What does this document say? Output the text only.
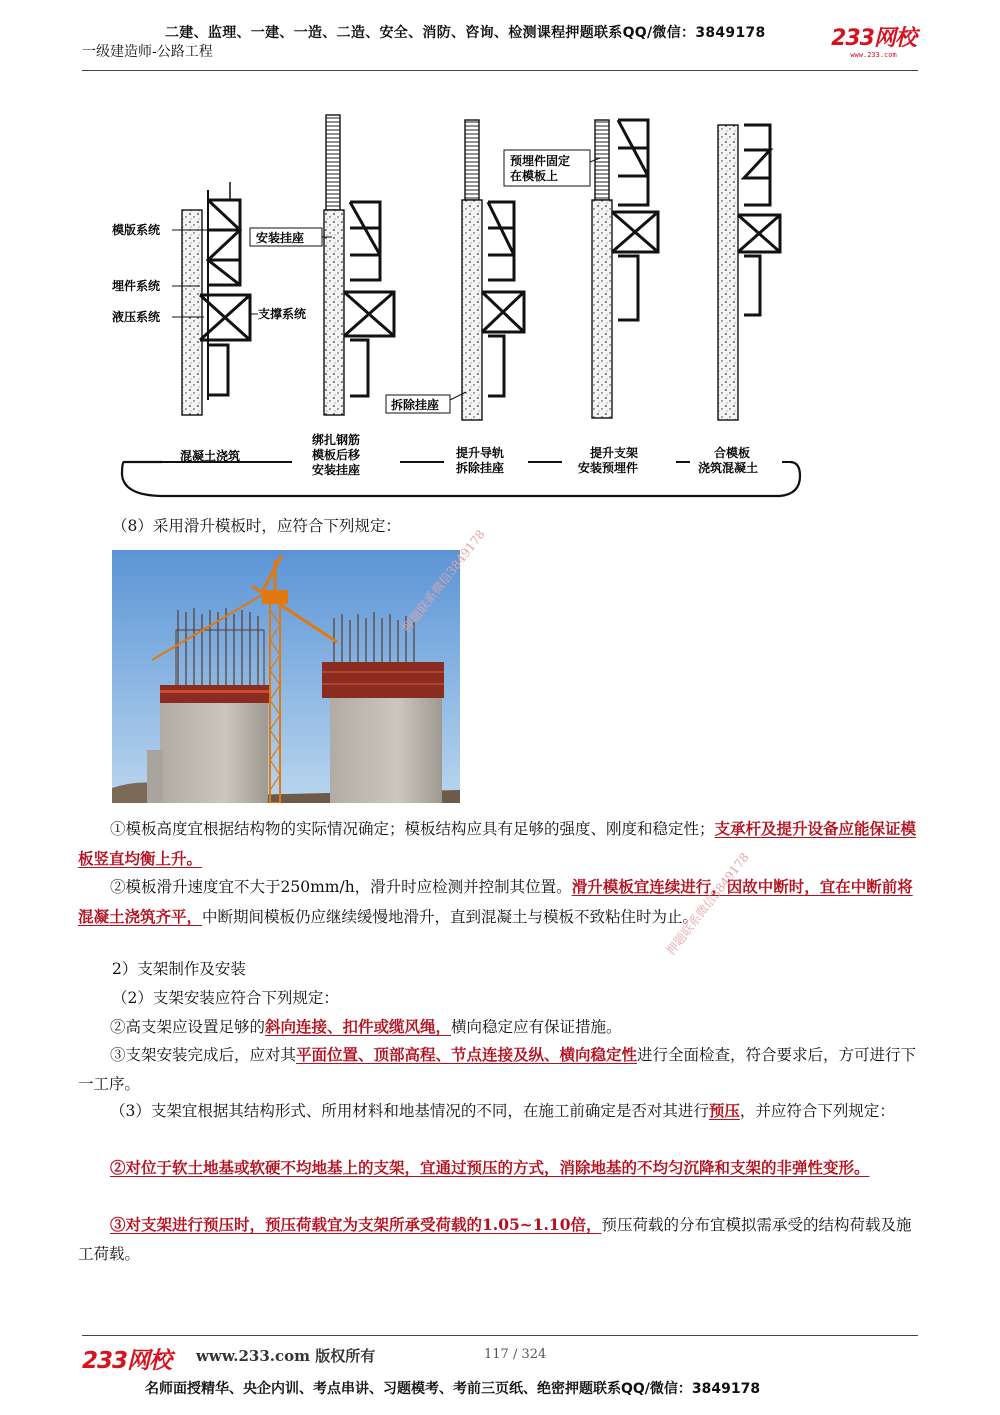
二建、监理、一建、一造、二造、安全、消防、咨询、检测课程押题联系QQ/微信：3849178
一级建造师-公路工程
233网校
www.233.com
模版系统
埋件系统
液压系统	支撑系统
安装挂座
拆除挂座
预埋件固定
在模板上
混凝土浇筑
绑扎钢筋
模板后移
安装挂座
提升导轨
拆除挂座
提升支架
安装预埋件
合模板
浇筑混凝土
（8）采用滑升模板时，应符合下列规定：
①模板高度宜根据结构物的实际情况确定；模板结构应具有足够的强度、刚度和稳定性；支承杆及提升设备应能保证模板竖直均衡上升。
②模板滑升速度宜不大于250mm/h，滑升时应检测并控制其位置。滑升模板宜连续进行，因故中断时，宜在中断前将混凝土浇筑齐平，中断期间模板仍应继续缓慢地滑升，直到混凝土与模板不致粘住时为止。
2）支架制作及安装
（2）支架安装应符合下列规定：
②高支架应设置足够的斜向连接、扣件或缆风绳，横向稳定应有保证措施。
③支架安装完成后，应对其平面位置、顶部高程、节点连接及纵、横向稳定性进行全面检查，符合要求后，方可进行下一工序。
（3）支架宜根据其结构形式、所用材料和地基情况的不同，在施工前确定是否对其进行预压，并应符合下列规定：
②对位于软土地基或软硬不均地基上的支架，宜通过预压的方式，消除地基的不均匀沉降和支架的非弹性变形。
③对支架进行预压时，预压荷载宜为支架所承受荷载的1.05~1.10倍，预压荷载的分布宜模拟需承受的结构荷载及施工荷载。
押题联系微信3849178
押题联系微信3849178
233网校 www.233.com 版权所有	117 / 324
名师面授精华、央企内训、考点串讲、习题模考、考前三页纸、绝密押题联系QQ/微信：3849178
